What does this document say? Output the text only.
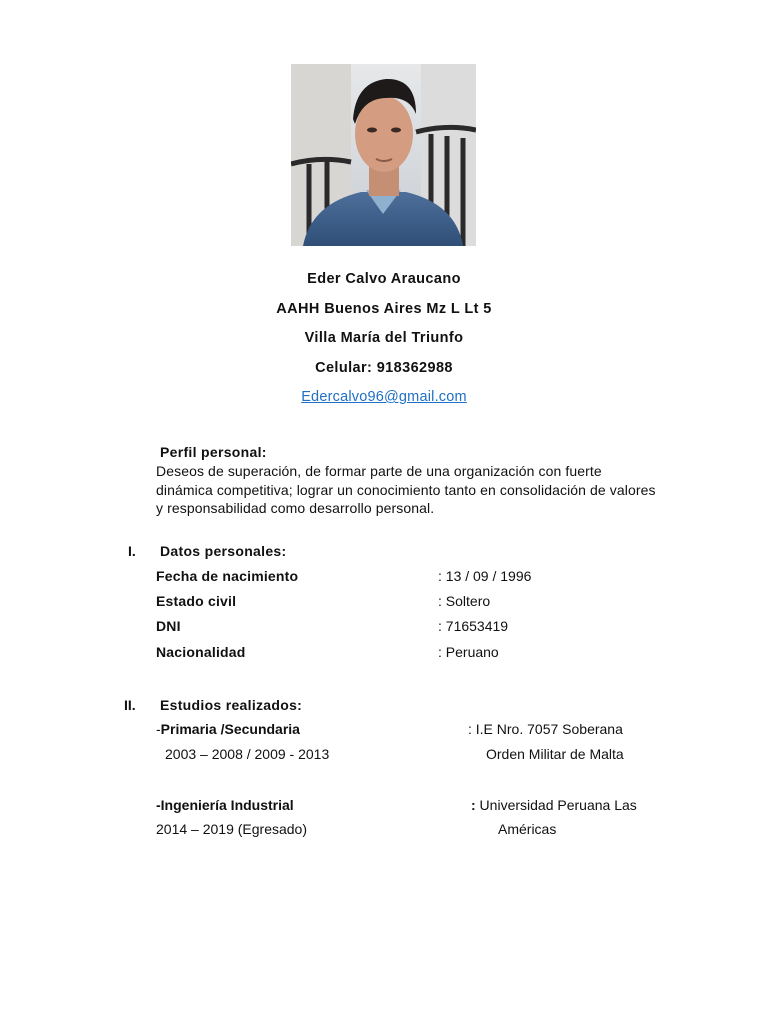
Eder Calvo Araucano
AAHH Buenos Aires Mz L Lt 5
Villa María del Triunfo
Celular: 918362988
Edercalvo96@gmail.com
Perfil personal:
Deseos de superación, de formar parte de una organización con fuerte dinámica competitiva; lograr un conocimiento tanto en consolidación de valores y responsabilidad como desarrollo personal.
I. Datos personales:
Fecha de nacimiento	: 13 / 09 / 1996
Estado civil	: Soltero
DNI	: 71653419
Nacionalidad	: Peruano
II. Estudios realizados:
-Primaria /Secundaria	: I.E Nro. 7057 Soberana
2003 – 2008 / 2009 - 2013	Orden Militar de Malta
-Ingeniería Industrial	: Universidad Peruana Las
2014 – 2019 (Egresado)	Américas
